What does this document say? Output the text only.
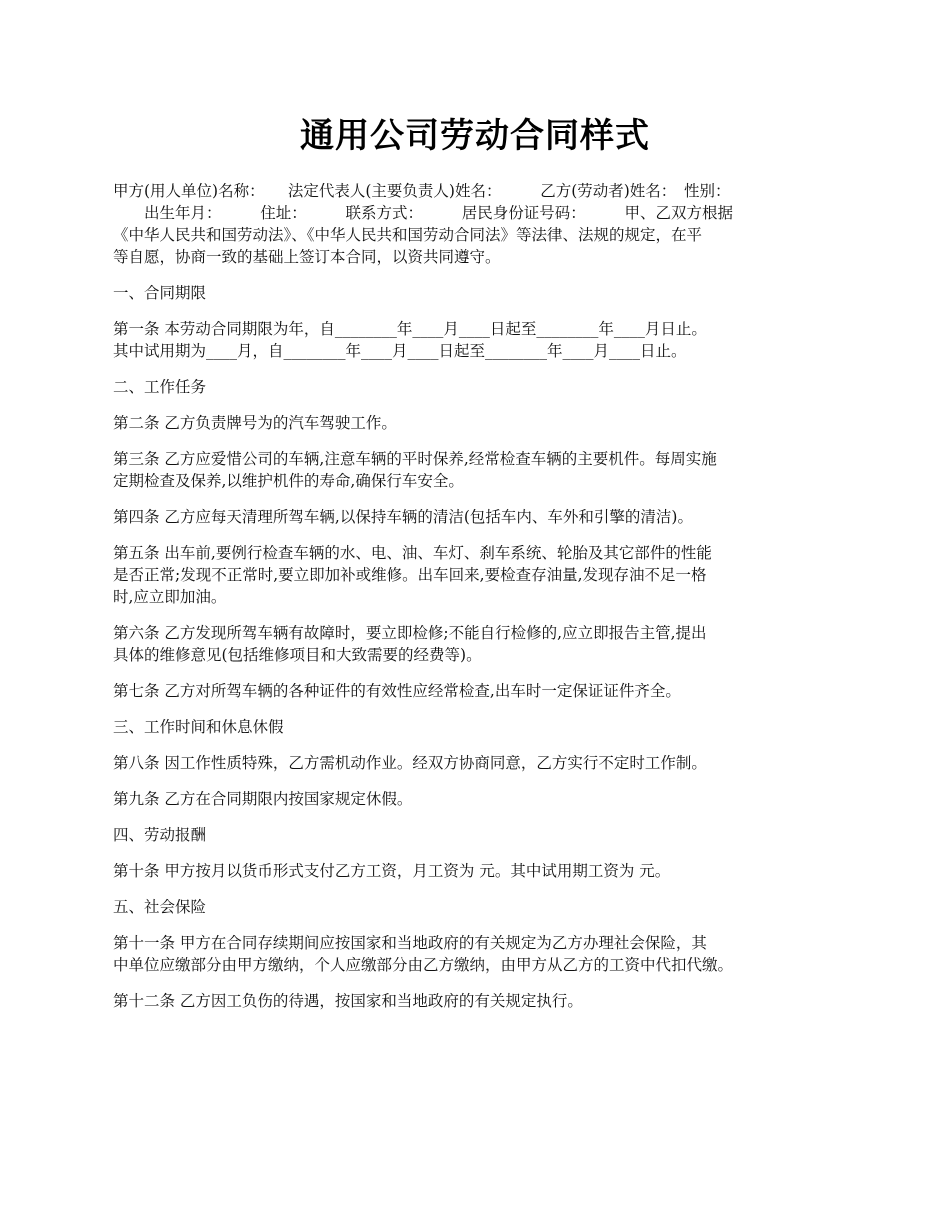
通用公司劳动合同样式
甲方(用人单位)名称：　　法定代表人(主要负责人)姓名：　　　乙方(劳动者)姓名：　性别：
　　出生年月：　　　住址：　　　联系方式：　　　居民身份证号码：　　　甲、乙双方根据
《中华人民共和国劳动法》、《中华人民共和国劳动合同法》等法律、法规的规定，在平
等自愿，协商一致的基础上签订本合同，以资共同遵守。
一、合同期限
第一条 本劳动合同期限为年，自________年____月____日起至________年____月日止。
其中试用期为____月，自________年____月____日起至________年____月____日止。
二、工作任务
第二条 乙方负责牌号为的汽车驾驶工作。
第三条 乙方应爱惜公司的车辆,注意车辆的平时保养,经常检查车辆的主要机件。每周实施
定期检查及保养,以维护机件的寿命,确保行车安全。
第四条 乙方应每天清理所驾车辆,以保持车辆的清洁(包括车内、车外和引擎的清洁)。
第五条 出车前,要例行检查车辆的水、电、油、车灯、刹车系统、轮胎及其它部件的性能
是否正常;发现不正常时,要立即加补或维修。出车回来,要检查存油量,发现存油不足一格
时,应立即加油。
第六条 乙方发现所驾车辆有故障时，要立即检修;不能自行检修的,应立即报告主管,提出
具体的维修意见(包括维修项目和大致需要的经费等)。
第七条 乙方对所驾车辆的各种证件的有效性应经常检查,出车时一定保证证件齐全。
三、工作时间和休息休假
第八条 因工作性质特殊，乙方需机动作业。经双方协商同意，乙方实行不定时工作制。
第九条 乙方在合同期限内按国家规定休假。
四、劳动报酬
第十条 甲方按月以货币形式支付乙方工资，月工资为 元。其中试用期工资为 元。
五、社会保险
第十一条 甲方在合同存续期间应按国家和当地政府的有关规定为乙方办理社会保险，其
中单位应缴部分由甲方缴纳，个人应缴部分由乙方缴纳，由甲方从乙方的工资中代扣代缴。
第十二条 乙方因工负伤的待遇，按国家和当地政府的有关规定执行。
